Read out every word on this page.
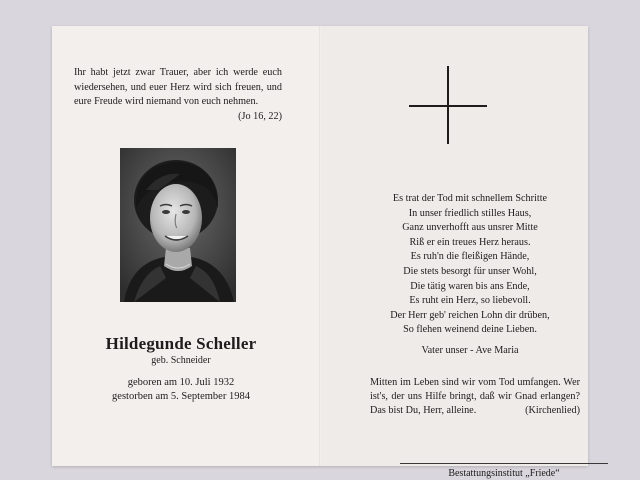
Ihr habt jetzt zwar Trauer, aber ich werde euch wiedersehen, und euer Herz wird sich freuen, und eure Freude wird niemand von euch nehmen.
(Jo 16, 22)
Hildegunde Scheller
geb. Schneider
geboren am 10. Juli 1932
gestorben am 5. September 1984
Es trat der Tod mit schnellem Schritte
In unser friedlich stilles Haus,
Ganz unverhofft aus unsrer Mitte
Riß er ein treues Herz heraus.
Es ruh'n die fleißigen Hände,
Die stets besorgt für unser Wohl,
Die tätig waren bis ans Ende,
Es ruht ein Herz, so liebevoll.
Der Herr geb' reichen Lohn dir drüben,
So flehen weinend deine Lieben.
Vater unser - Ave Maria
Mitten im Leben sind wir vom Tod umfangen. Wer ist's, der uns Hilfe bringt, daß wir Gnad erlangen? Das bist Du, Herr, alleine.	(Kirchenlied)
Bestattungsinstitut „Friede“
